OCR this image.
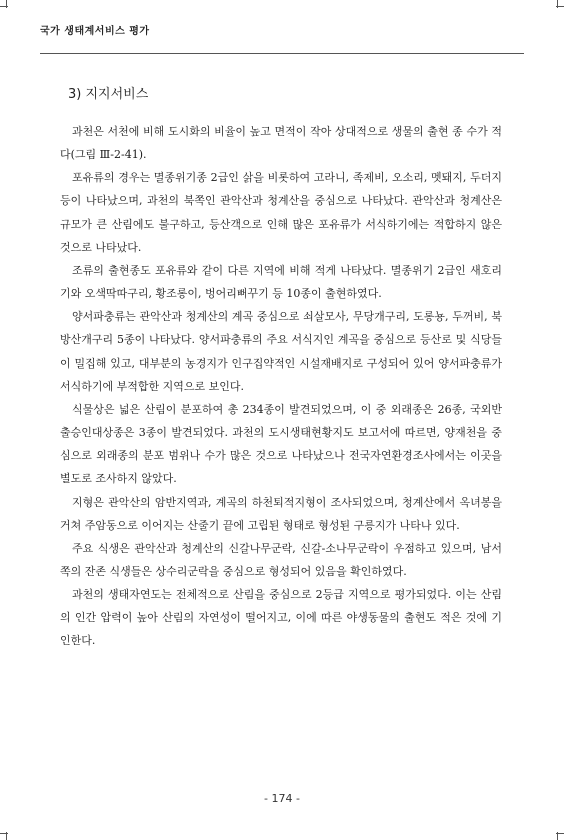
국가 생태계서비스 평가
3) 지지서비스

과천은 서천에 비해 도시화의 비율이 높고 면적이 작아 상대적으로 생물의 출현 종 수가 적다(그림 Ⅲ-2-41).

포유류의 경우는 멸종위기종 2급인 삵을 비롯하여 고라니, 족제비, 오소리, 멧돼지, 두더지 등이 나타났으며, 과천의 북쪽인 관악산과 청계산을 중심으로 나타났다. 관악산과 청계산은 규모가 큰 산림에도 불구하고, 등산객으로 인해 많은 포유류가 서식하기에는 적합하지 않은 것으로 나타났다.

조류의 출현종도 포유류와 같이 다른 지역에 비해 적게 나타났다. 멸종위기 2급인 새호리기와 오색딱따구리, 황조롱이, 벙어리뻐꾸기 등 10종이 출현하였다.

양서파충류는 관악산과 청계산의 계곡 중심으로 쇠살모사, 무당개구리, 도롱뇽, 두꺼비, 북방산개구리 5종이 나타났다. 양서파충류의 주요 서식지인 계곡을 중심으로 등산로 및 식당들이 밀집해 있고, 대부분의 농경지가 인구집약적인 시설재배지로 구성되어 있어 양서파충류가 서식하기에 부적합한 지역으로 보인다.

식물상은 넓은 산림이 분포하여 총 234종이 발견되었으며, 이 중 외래종은 26종, 국외반출승인대상종은 3종이 발견되었다. 과천의 도시생태현황지도 보고서에 따르면, 양재천을 중심으로 외래종의 분포 범위나 수가 많은 것으로 나타났으나 전국자연환경조사에서는 이곳을 별도로 조사하지 않았다.

지형은 관악산의 암반지역과, 계곡의 하천퇴적지형이 조사되었으며, 청계산에서 옥녀봉을 거쳐 주암동으로 이어지는 산줄기 끝에 고립된 형태로 형성된 구릉지가 나타나 있다.

주요 식생은 관악산과 청계산의 신갈나무군락, 신갈-소나무군락이 우점하고 있으며, 남서쪽의 잔존 식생들은 상수리군락을 중심으로 형성되어 있음을 확인하였다.

과천의 생태자연도는 전체적으로 산림을 중심으로 2등급 지역으로 평가되었다. 이는 산림의 인간 압력이 높아 산림의 자연성이 떨어지고, 이에 따른 야생동물의 출현도 적은 것에 기인한다.

- 174 -
